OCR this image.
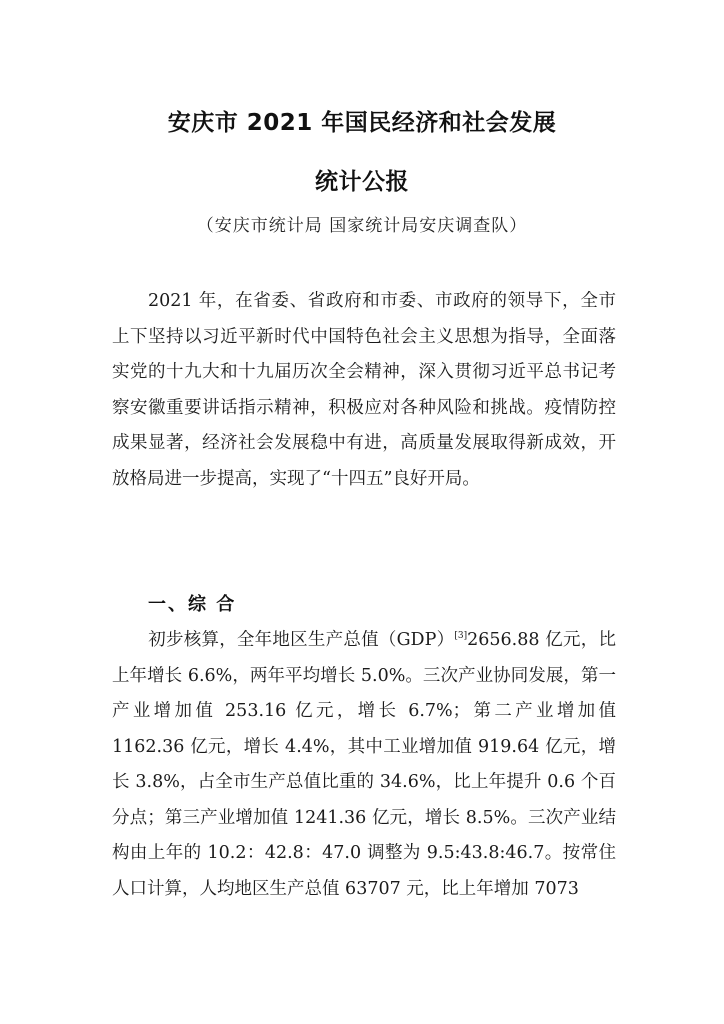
安庆市 2021 年国民经济和社会发展
统计公报
（安庆市统计局 国家统计局安庆调查队）

2021 年，在省委、省政府和市委、市政府的领导下，全市上下坚持以习近平新时代中国特色社会主义思想为指导，全面落实党的十九大和十九届历次全会精神，深入贯彻习近平总书记考察安徽重要讲话指示精神，积极应对各种风险和挑战。疫情防控成果显著，经济社会发展稳中有进，高质量发展取得新成效，开放格局进一步提高，实现了“十四五”良好开局。

一、综 合

初步核算，全年地区生产总值（GDP）[3]2656.88 亿元，比上年增长 6.6%，两年平均增长 5.0%。三次产业协同发展，第一产业增加值 253.16 亿元，增长 6.7%；第二产业增加值 1162.36 亿元，增长 4.4%，其中工业增加值 919.64 亿元，增长 3.8%，占全市生产总值比重的 34.6%，比上年提升 0.6 个百分点；第三产业增加值 1241.36 亿元，增长 8.5%。三次产业结构由上年的 10.2：42.8：47.0 调整为 9.5:43.8:46.7。按常住人口计算，人均地区生产总值 63707 元，比上年增加 7073
